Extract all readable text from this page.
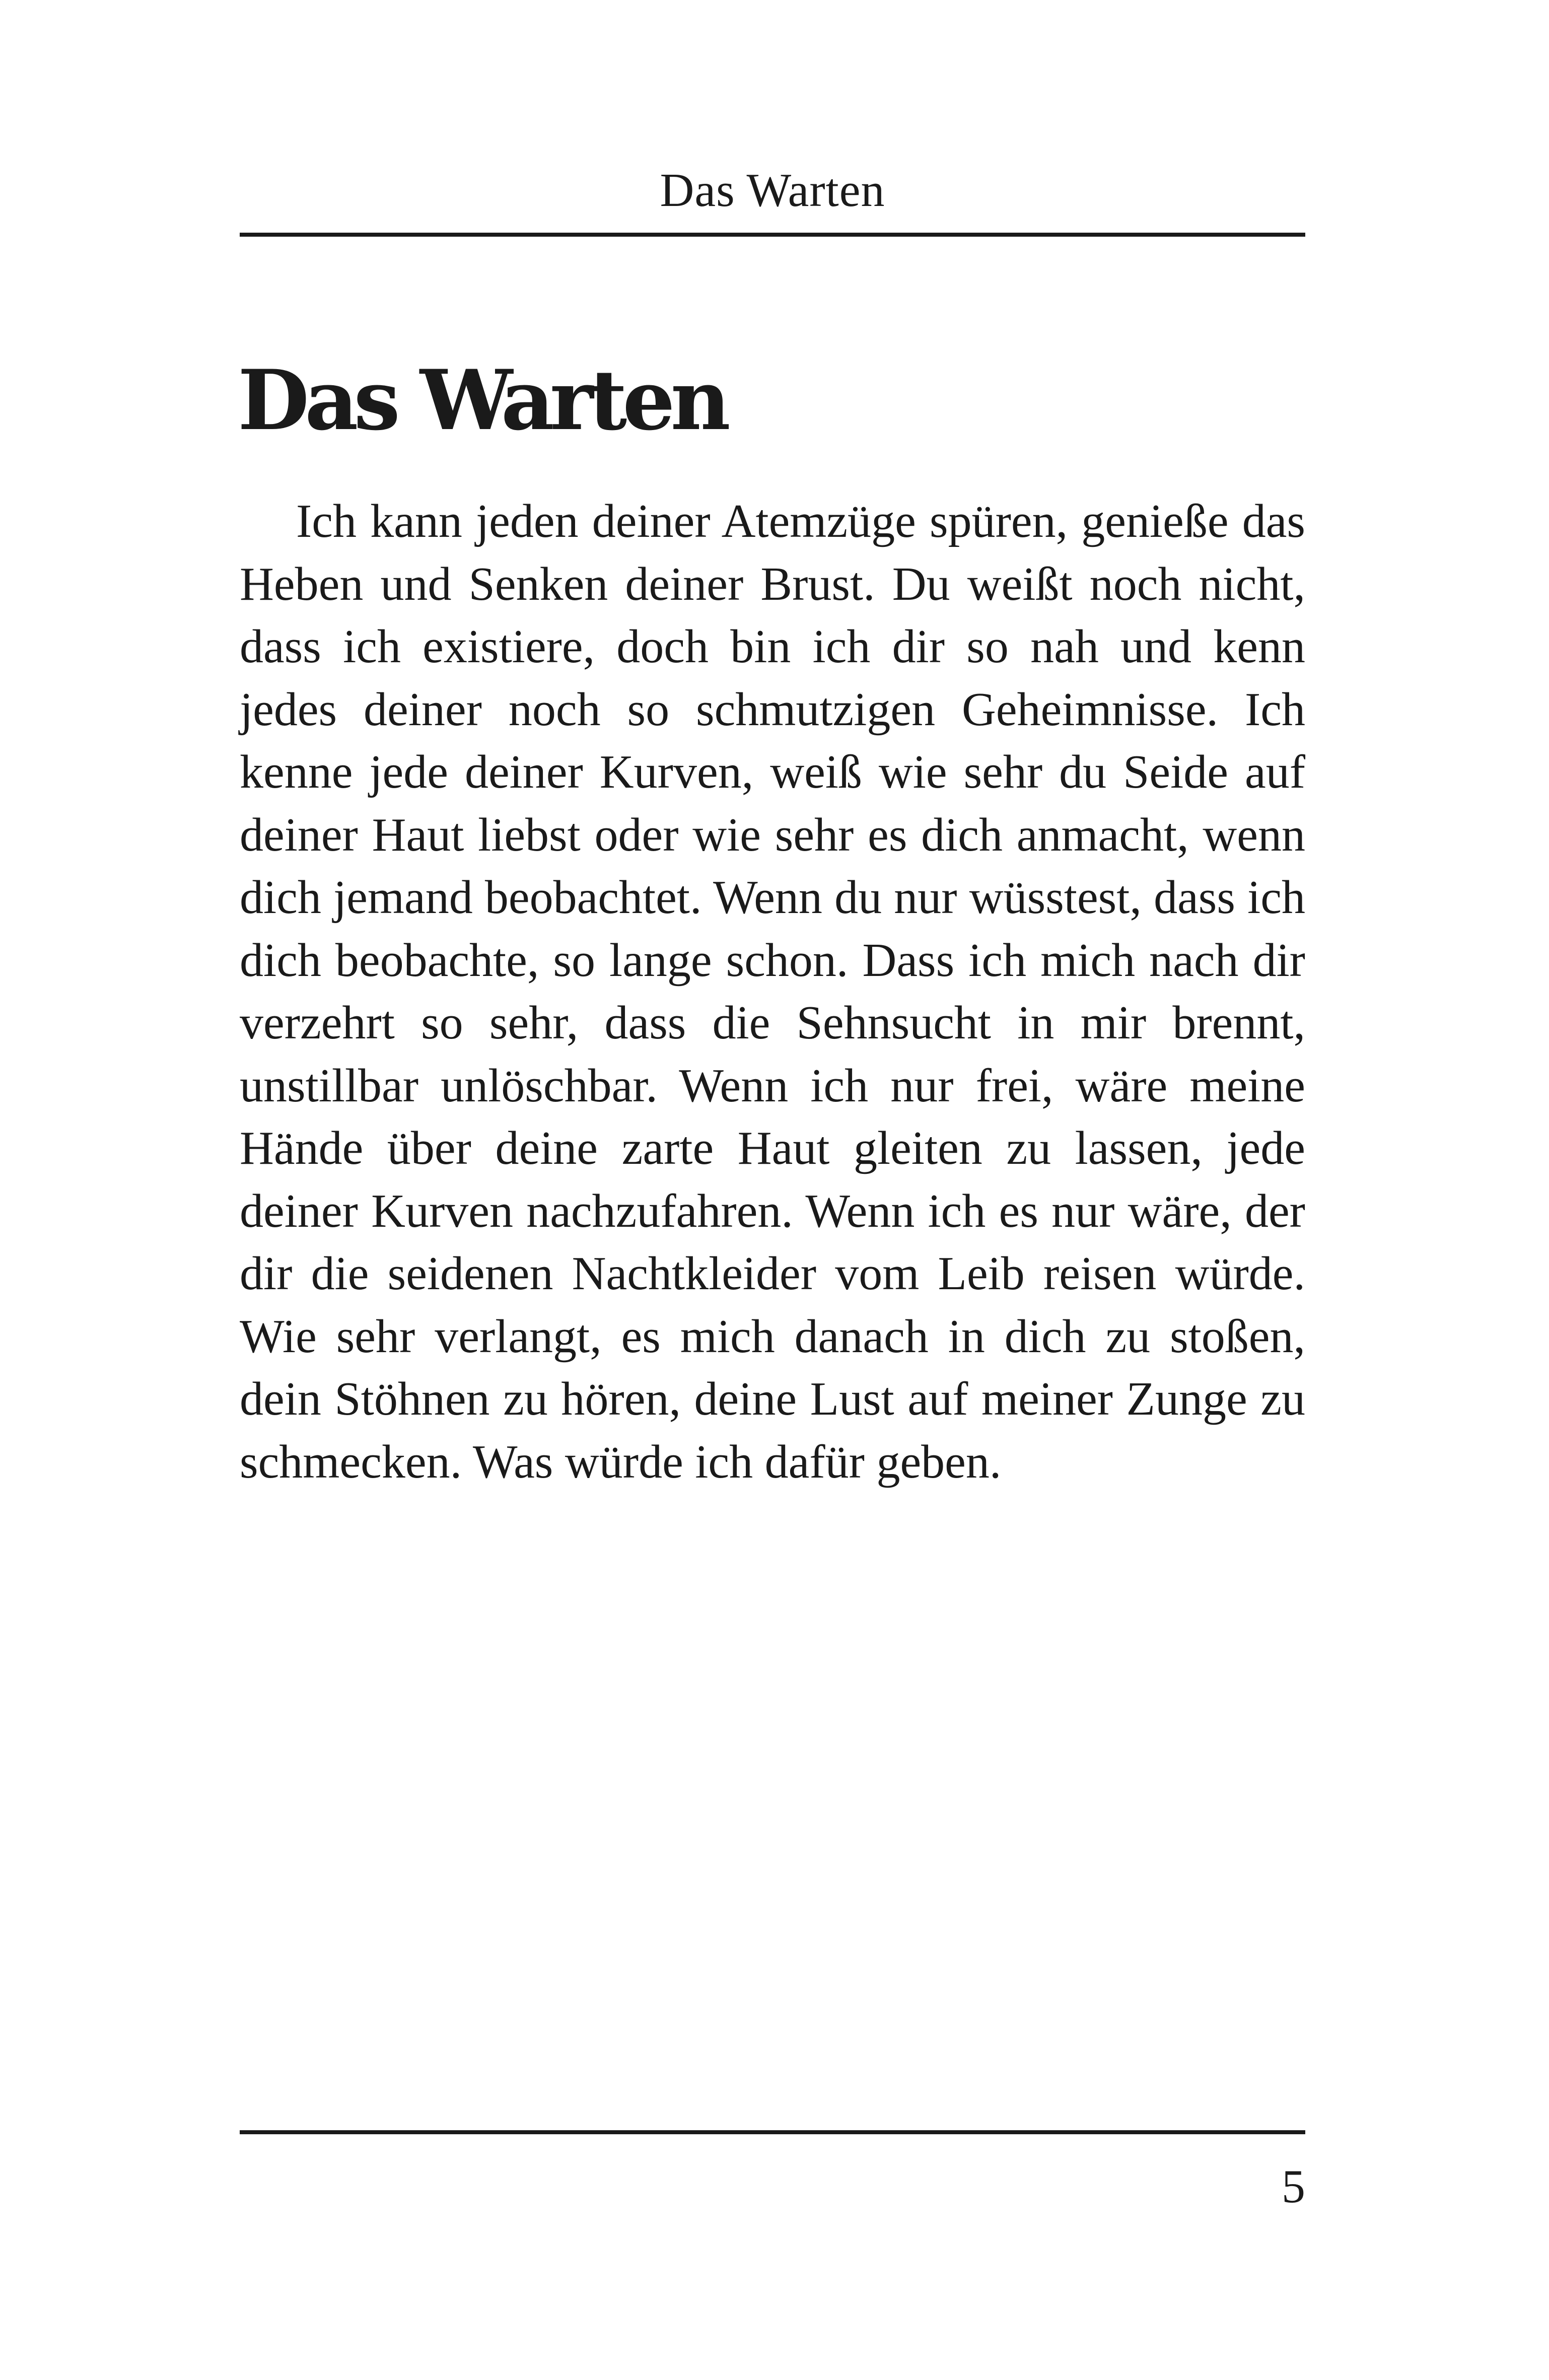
Das Warten
Das Warten

Ich kann jeden deiner Atemzüge spüren, genieße das Heben und Senken deiner Brust. Du weißt noch nicht, dass ich existiere, doch bin ich dir so nah und kenn jedes deiner noch so schmutzigen Geheimnisse. Ich kenne jede deiner Kurven, weiß wie sehr du Seide auf deiner Haut liebst oder wie sehr es dich anmacht, wenn dich jemand beobachtet. Wenn du nur wüsstest, dass ich dich beobachte, so lange schon. Dass ich mich nach dir verzehrt so sehr, dass die Sehnsucht in mir brennt, unstillbar unlöschbar. Wenn ich nur frei, wäre meine Hände über deine zarte Haut gleiten zu lassen, jede deiner Kurven nachzufahren. Wenn ich es nur wäre, der dir die seidenen Nachtkleider vom Leib reisen würde. Wie sehr verlangt, es mich danach in dich zu stoßen, dein Stöhnen zu hören, deine Lust auf meiner Zunge zu schmecken. Was würde ich dafür geben.

5
